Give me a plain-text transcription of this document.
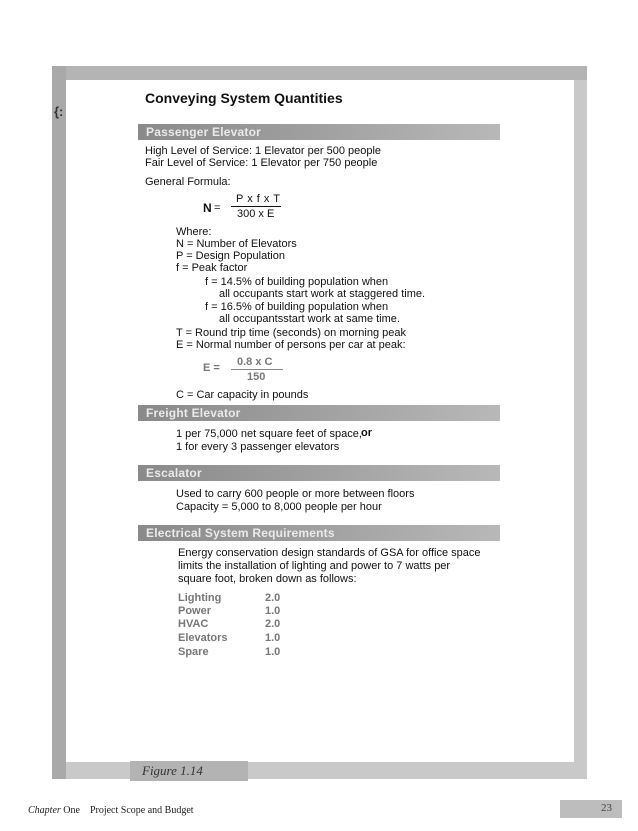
{:
Conveying System Quantities
Passenger Elevator
High Level of Service: 1 Elevator per 500 people
Fair Level of Service: 1 Elevator per 750 people
General Formula:
N =
P x f x T
300 x E
Where:
N = Number of Elevators
P = Design Population
f = Peak factor
f = 14.5% of building population when
all occupants start work at staggered time.
f = 16.5% of building population when
all occupantsstart work at same time.
T = Round trip time (seconds) on morning peak
E = Normal number of persons per car at peak:
E = 0.8 x C
150
C = Car capacity in pounds
Freight Elevator
1 per 75,000 net square feet of space, or
1 for every 3 passenger elevators
Escalator
Used to carry 600 people or more between floors
Capacity = 5,000 to 8,000 people per hour
Electrical System Requirements
Energy conservation design standards of GSA for office space
limits the installation of lighting and power to 7 watts per
square foot, broken down as follows:
Lighting	2.0
Power	1.0
HVAC	2.0
Elevators	1.0
Spare	1.0
Figure 1.14
Chapter One Project Scope and Budget	23
